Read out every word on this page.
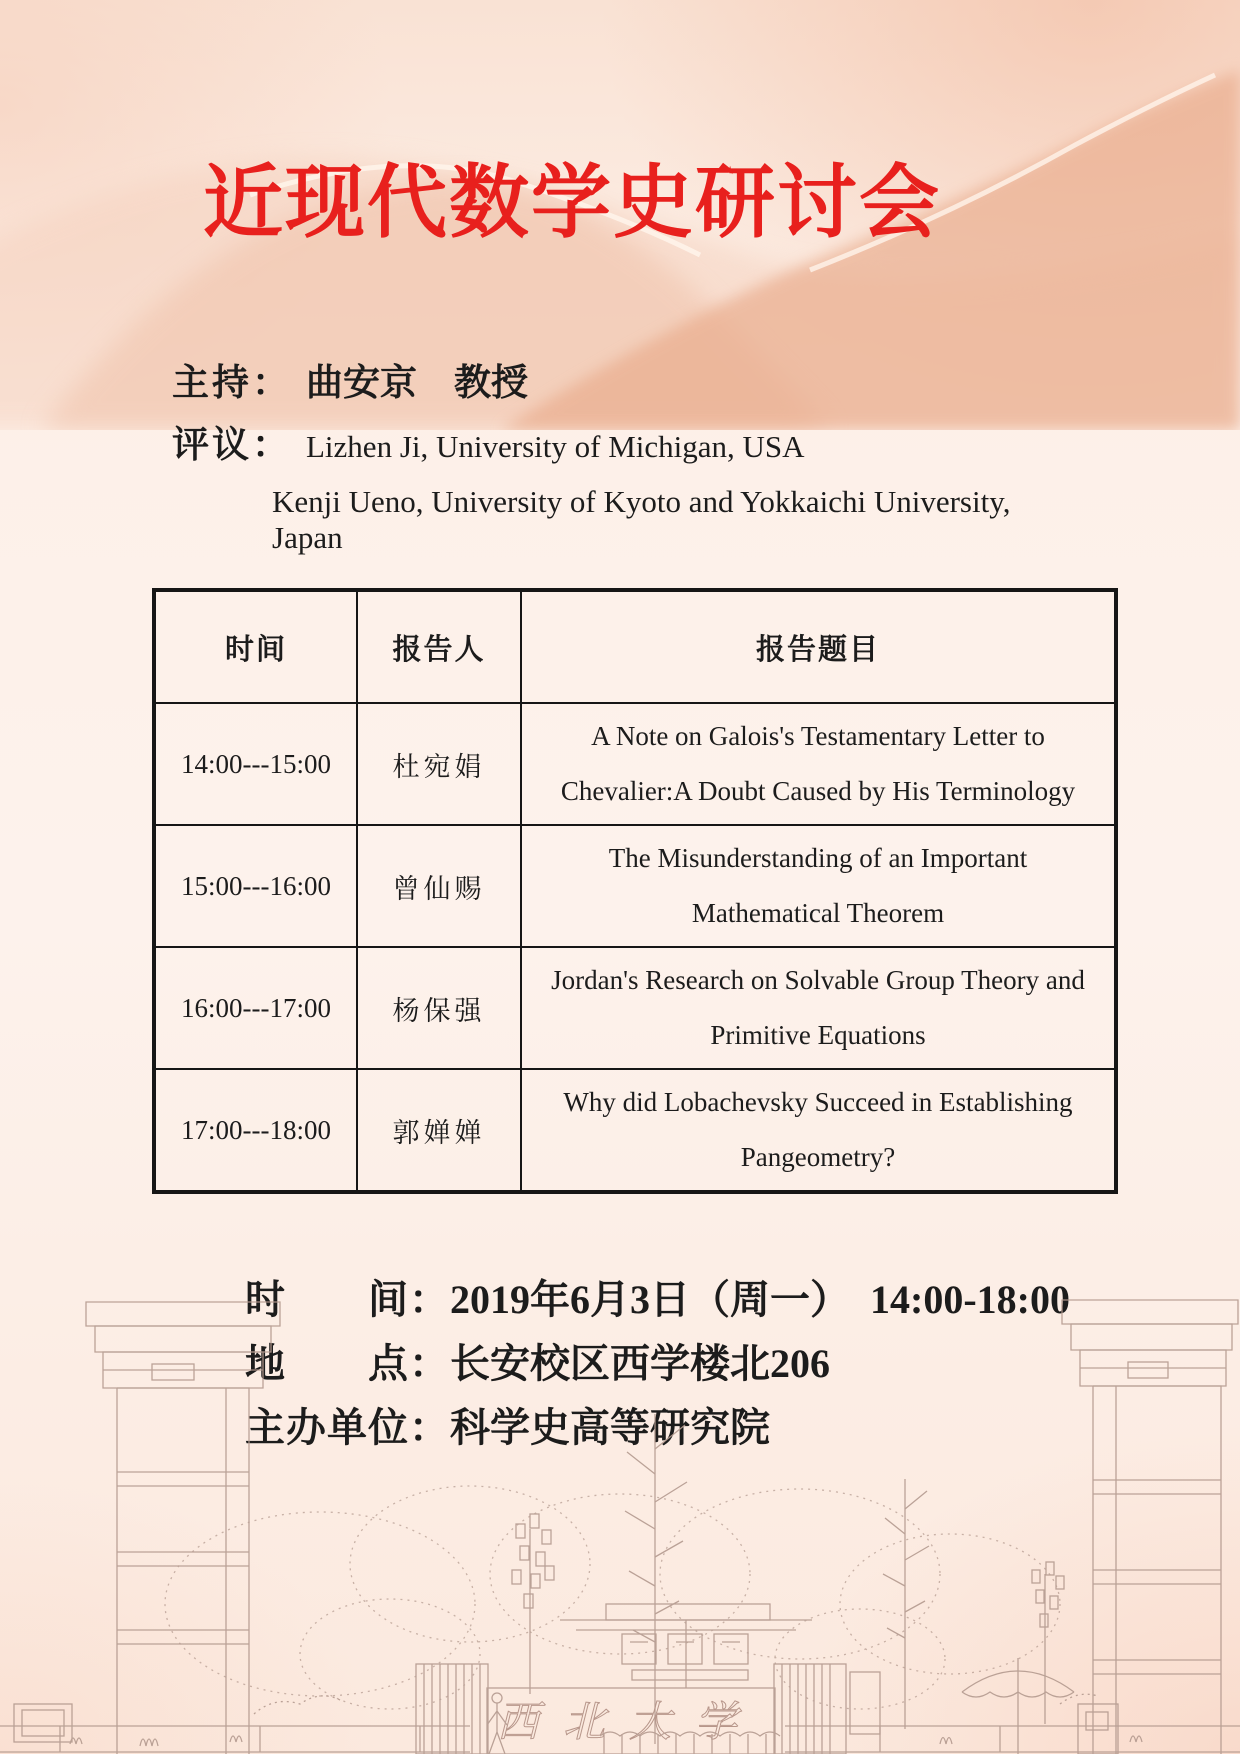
近现代数学史研讨会
主持： 曲安京　教授
评议： Lizhen Ji, University of Michigan, USA
Kenji Ueno, University of Kyoto and Yokkaichi University, Japan
时间	报告人	报告题目
14:00---15:00	杜宛娟	A Note on Galois's Testamentary Letter to Chevalier:A Doubt Caused by His Terminology
15:00---16:00	曾仙赐	The Misunderstanding of an Important Mathematical Theorem
16:00---17:00	杨保强	Jordan's Research on Solvable Group Theory and Primitive Equations
17:00---18:00	郭婵婵	Why did Lobachevsky Succeed in Establishing Pangeometry?
时　　间：2019年6月3日（周一）　14:00-18:00
地　　点：长安校区西学楼北206
主办单位：科学史高等研究院
西北大学
